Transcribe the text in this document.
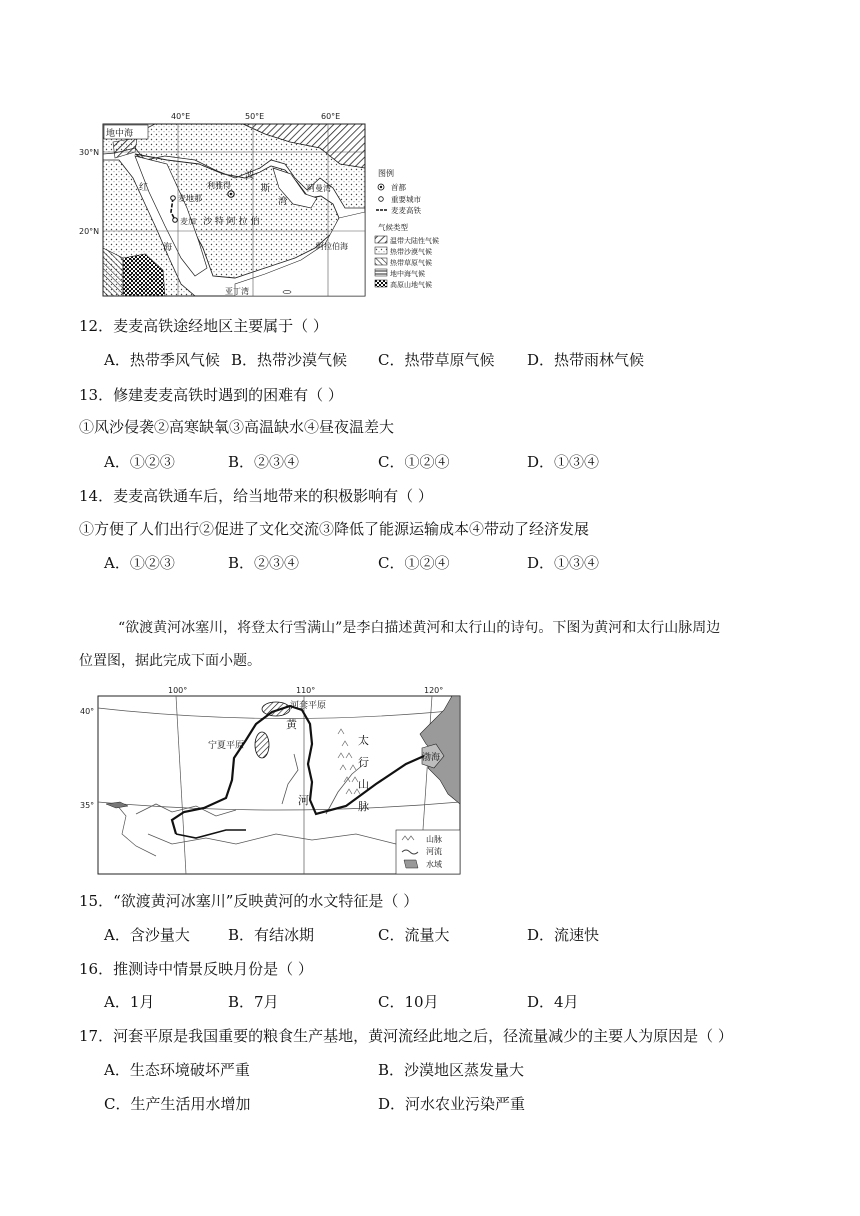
40°E	50°E	60°E
30°N
20°N
地中海
红
海
波
斯
湾
阿曼湾
利雅得
麦地那
麦加 沙 特 阿 拉 伯
阿拉伯海
亚丁湾
图例
首都
重要城市
麦麦高铁
气候类型
温带大陆性气候
热带沙漠气候
热带草原气候
地中海气候
高原山地气候
12．麦麦高铁途经地区主要属于（ ）
A．热带季风气候 B．热带沙漠气候 C．热带草原气候 D．热带雨林气候
13．修建麦麦高铁时遇到的困难有（ ）
①风沙侵袭②高寒缺氧③高温缺水④昼夜温差大
A．①②③	B．②③④	C．①②④	D．①③④
14．麦麦高铁通车后，给当地带来的积极影响有（ ）
①方便了人们出行②促进了文化交流③降低了能源运输成本④带动了经济发展
A．①②③	B．②③④	C．①②④	D．①③④
“欲渡黄河冰塞川，将登太行雪满山”是李白描述黄河和太行山的诗句。下图为黄河和太行山脉周边
位置图，据此完成下面小题。
100°	110°	120°
40°
35°
河套平原
宁夏平原
黄
河
太
行
山
脉
渤海
山脉
河流
水域
15．“欲渡黄河冰塞川”反映黄河的水文特征是（ ）
A．含沙量大	B．有结冰期	C．流量大	D．流速快
16．推测诗中情景反映月份是（ ）
A．1月	B．7月	C．10月	D．4月
17．河套平原是我国重要的粮食生产基地，黄河流经此地之后，径流量减少的主要人为原因是（ ）
A．生态环境破坏严重	B．沙漠地区蒸发量大
C．生产生活用水增加	D．河水农业污染严重
